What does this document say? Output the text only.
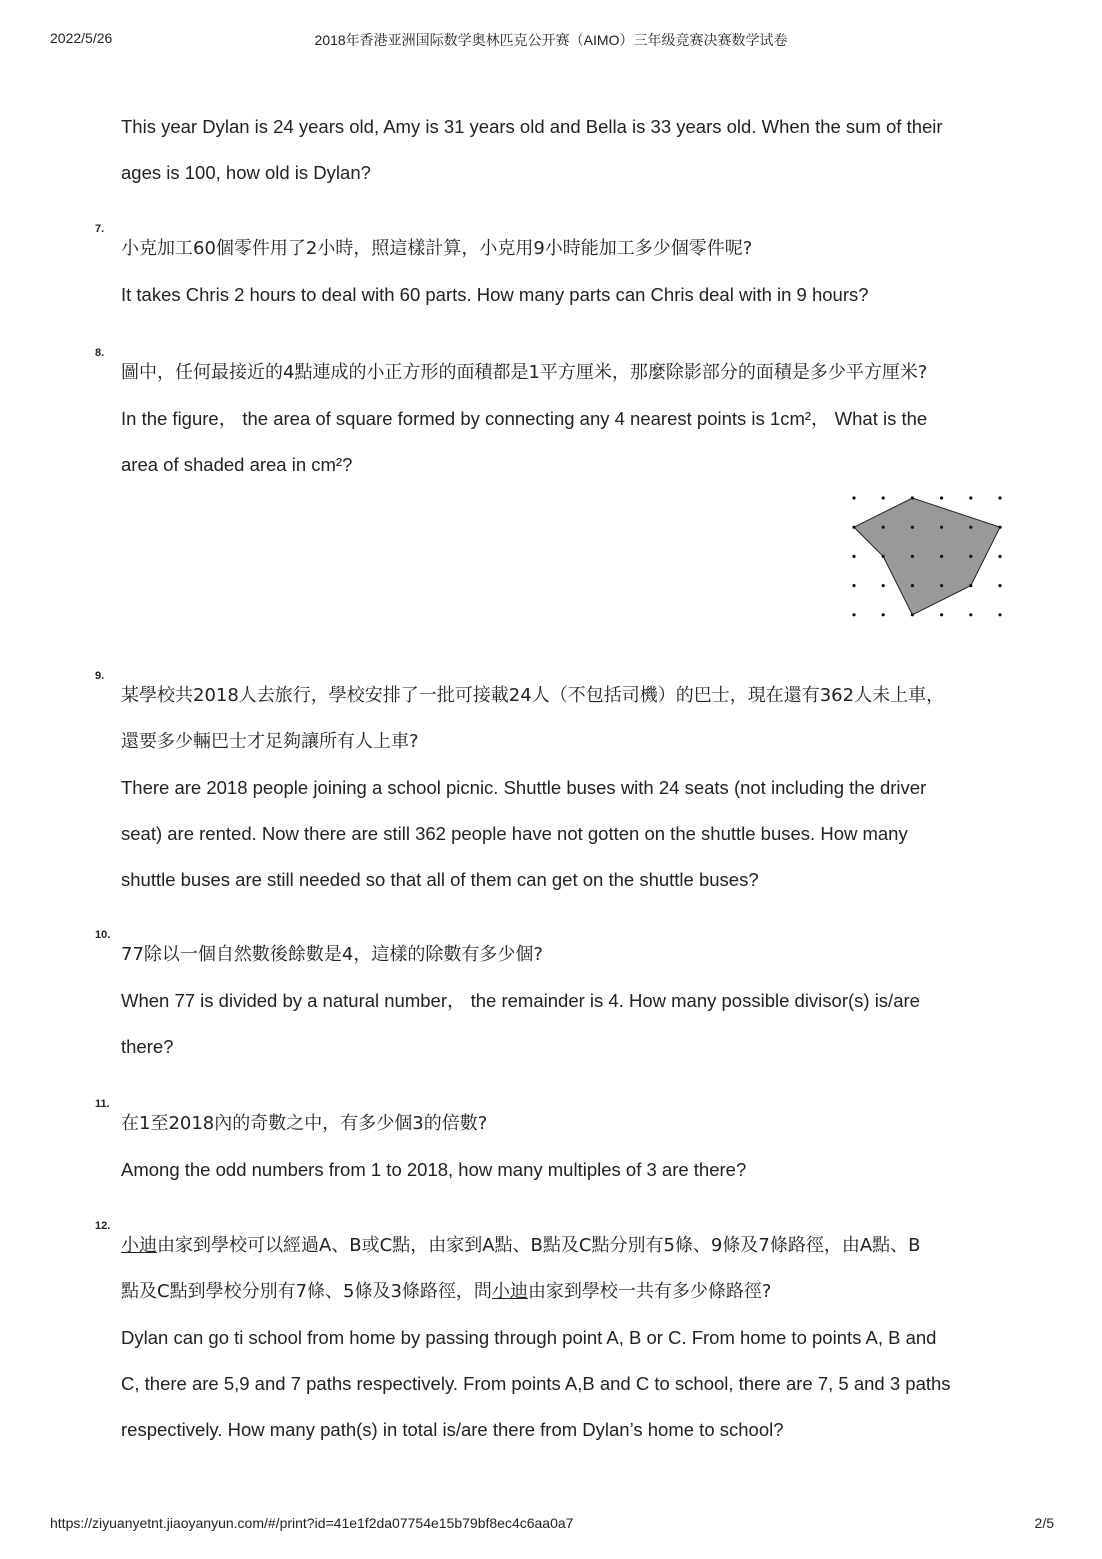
2022/5/26	2018年香港亚洲国际数学奥林匹克公开赛（AIMO）三年级竞赛决赛数学试卷
This year Dylan is 24 years old, Amy is 31 years old and Bella is 33 years old. When the sum of their
ages is 100, how old is Dylan?
7.
小克加工60個零件用了2小時，照這樣計算，小克用9小時能加工多少個零件呢?
It takes Chris 2 hours to deal with 60 parts. How many parts can Chris deal with in 9 hours?
8.
圖中，任何最接近的4點連成的小正方形的面積都是1平方厘米，那麼除影部分的面積是多少平方厘米?
In the figure， the area of square formed by connecting any 4 nearest points is 1cm²， What is the
area of shaded area in cm²?
9.
某學校共2018人去旅行，學校安排了一批可接載24人（不包括司機）的巴士，現在還有362人未上車，
還要多少輛巴士才足夠讓所有人上車?
There are 2018 people joining a school picnic. Shuttle buses with 24 seats (not including the driver
seat) are rented. Now there are still 362 people have not gotten on the shuttle buses. How many
shuttle buses are still needed so that all of them can get on the shuttle buses?
10.
77除以一個自然數後餘數是4，這樣的除數有多少個?
When 77 is divided by a natural number， the remainder is 4. How many possible divisor(s) is/are
there?
11.
在1至2018內的奇數之中，有多少個3的倍數?
Among the odd numbers from 1 to 2018, how many multiples of 3 are there?
12.
小迪由家到學校可以經過A、B或C點，由家到A點、B點及C點分別有5條、9條及7條路徑，由A點、B
點及C點到學校分別有7條、5條及3條路徑，問小迪由家到學校一共有多少條路徑?
Dylan can go ti school from home by passing through point A, B or C. From home to points A, B and
C, there are 5,9 and 7 paths respectively. From points A,B and C to school, there are 7, 5 and 3 paths
respectively. How many path(s) in total is/are there from Dylan’s home to school?
https://ziyuanyetnt.jiaoyanyun.com/#/print?id=41e1f2da07754e15b79bf8ec4c6aa0a7	2/5
